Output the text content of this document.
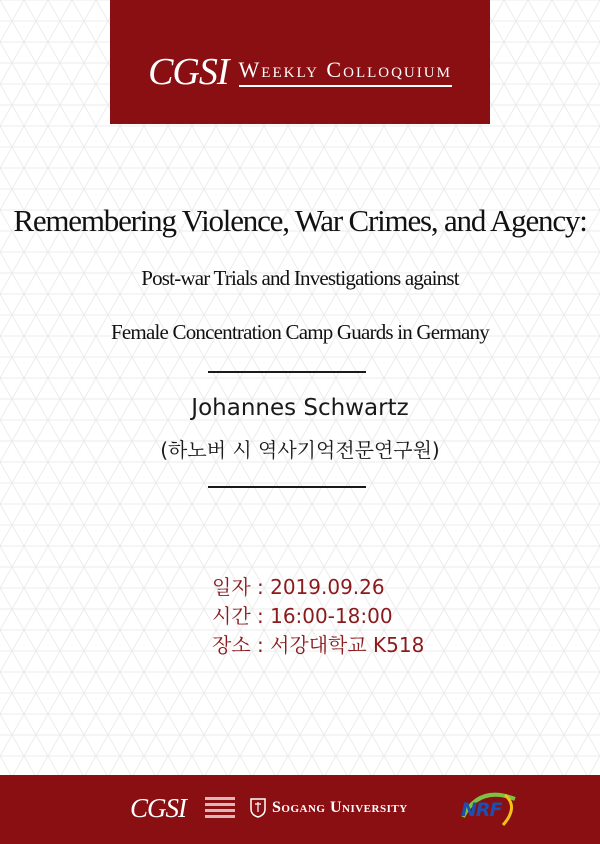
CGSI Weekly Colloquium
Remembering Violence, War Crimes, and Agency:
Post-war Trials and Investigations against
Female Concentration Camp Guards in Germany
Johannes Schwartz
(하노버 시 역사기억전문연구원)
일자 : 2019.09.26
시간 : 16:00-18:00
장소 : 서강대학교 K518
CGSI	Sogang University	NRF
